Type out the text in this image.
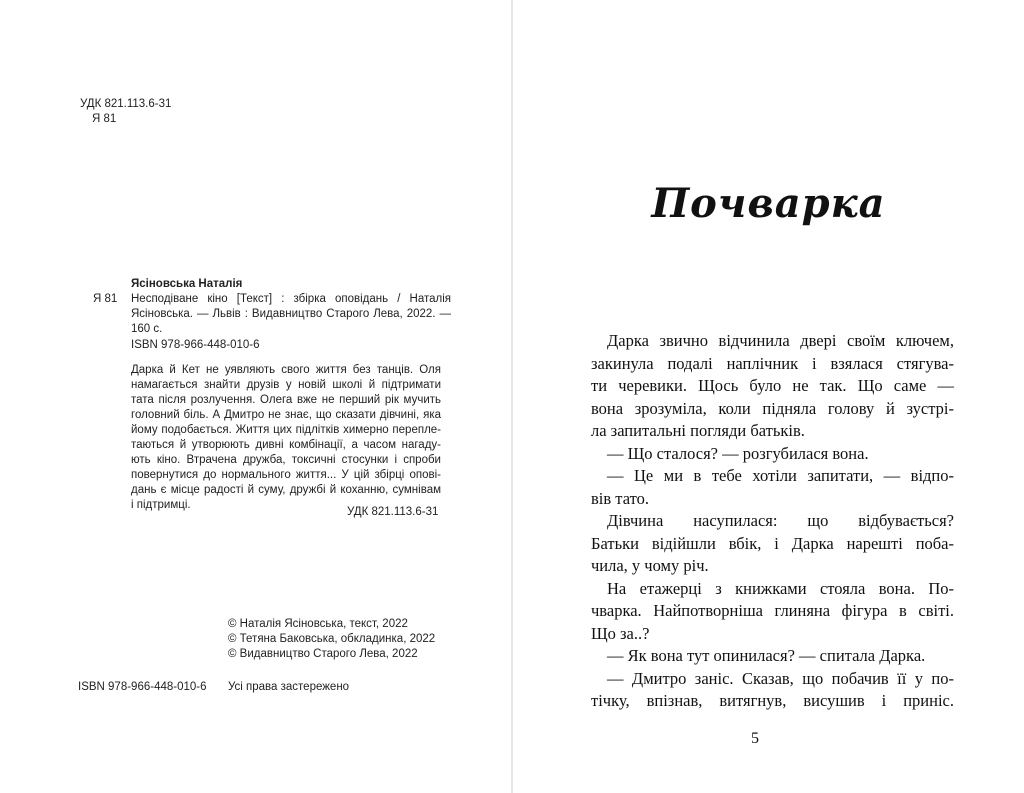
УДК 821.113.6-31
Я 81
Ясіновська Наталія
Я 81 Несподіване кіно [Текст] : збірка оповідань / Наталія
Ясіновська. — Львів : Видавництво Старого Лева, 2022. —
160 с.
ISBN 978-966-448-010-6
Дарка й Кет не уявляють свого життя без танців. Оля
намагається знайти друзів у новій школі й підтримати
тата після розлучення. Олега вже не перший рік мучить
головний біль. А Дмитро не знає, що сказати дівчині, яка
йому подобається. Життя цих підлітків химерно перепле-
таються й утворюють дивні комбінації, а часом нагаду-
ють кіно. Втрачена дружба, токсичні стосунки і спроби
повернутися до нормального життя... У цій збірці опові-
дань є місце радості й суму, дружбі й коханню, сумнівам
і підтримці.
УДК 821.113.6-31
© Наталія Ясіновська, текст, 2022
© Тетяна Баковська, обкладинка, 2022
© Видавництво Старого Лева, 2022
ISBN 978-966-448-010-6 Усі права застережено
Почварка
Дарка звично відчинила двері своїм ключем,
закинула подалі наплічник і взялася стягува-
ти черевики. Щось було не так. Що саме —
вона зрозуміла, коли підняла голову й зустрі-
ла запитальні погляди батьків.
— Що сталося? — розгубилася вона.
— Це ми в тебе хотіли запитати, — відпо-
вів тато.
Дівчина насупилася: що відбувається?
Батьки відійшли вбік, і Дарка нарешті поба-
чила, у чому річ.
На етажерці з книжками стояла вона. По-
чварка. Найпотворніша глиняна фігура в світі.
Що за..?
— Як вона тут опинилася? — спитала Дарка.
— Дмитро заніс. Сказав, що побачив її у по-
тічку, впізнав, витягнув, висушив і приніс.
5
